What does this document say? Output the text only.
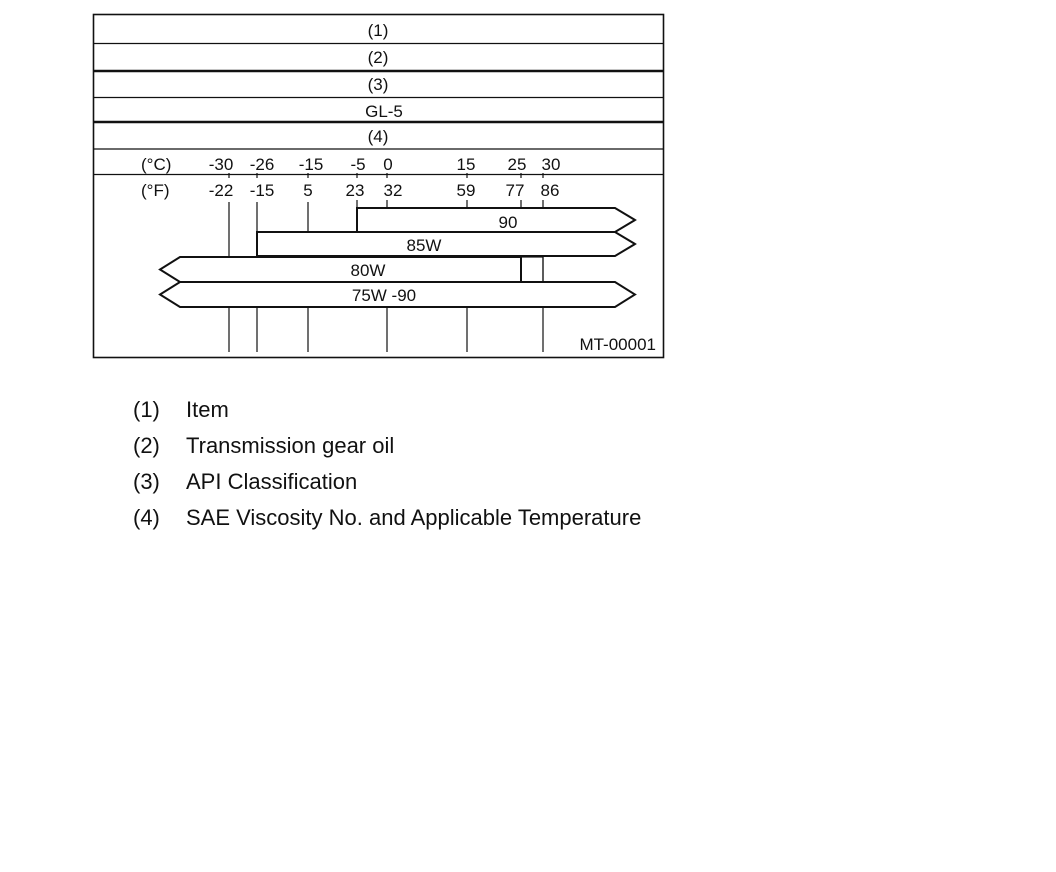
(1)
(2)
(3)
GL-5
(4)
(°C)
(°F)
-30 -26 -15 -5 0	15 25 30
-22 -15 5 23 32	59 77 86
90
85W
80W
75W -90
MT-00001
(1) Item
(2) Transmission gear oil
(3) API Classification
(4) SAE Viscosity No. and Applicable Temperature
